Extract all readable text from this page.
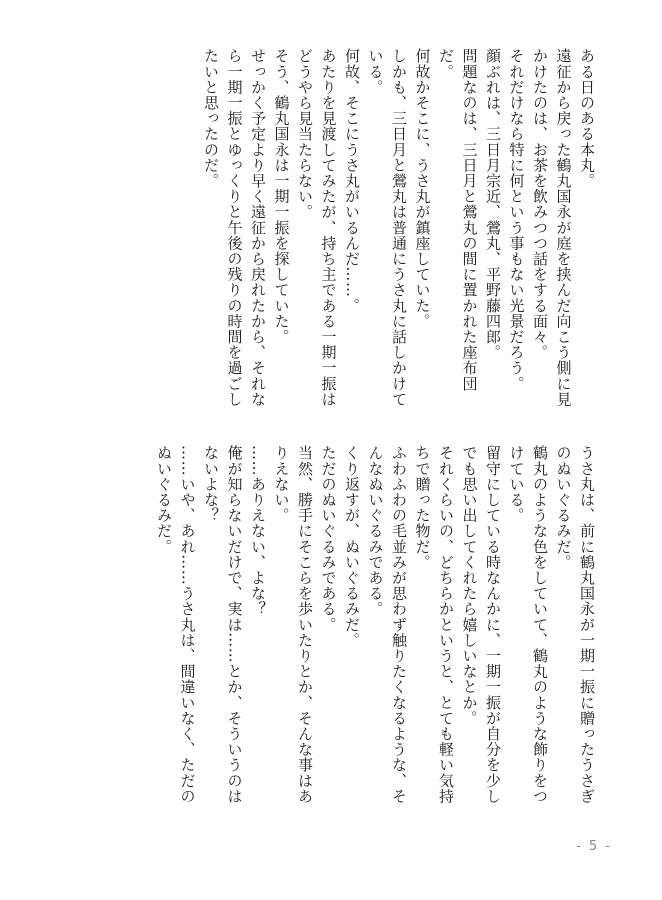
ある日のある本丸。

遠征から戻った鶴丸国永が庭を挟んだ向こう側に見かけたのは、お茶を飲みつつ話をする面々。

それだけなら特に何という事もない光景だろう。

顔ぶれは、三日月宗近、鶯丸、平野藤四郎。

問題なのは、三日月と鶯丸の間に置かれた座布団だ。

何故かそこに、うさ丸が鎮座していた。

しかも、三日月と鶯丸は普通にうさ丸に話しかけている。

何故、そこにうさ丸がいるんだ……。

あたりを見渡してみたが、持ち主である一期一振はどうやら見当たらない。

そう、鶴丸国永は一期一振を探していた。

せっかく予定より早く遠征から戻れたから、それなら一期一振とゆっくりと午後の残りの時間を過ごしたいと思ったのだ。

うさ丸は、前に鶴丸国永が一期一振に贈ったうさぎのぬいぐるみだ。

鶴丸のような色をしていて、鶴丸のような飾りをつけている。

留守にしている時なんかに、一期一振が自分を少しでも思い出してくれたら嬉しいなとか。

それくらいの、どちらかというと、とても軽い気持ちで贈った物だ。

ふわふわの毛並みが思わず触りたくなるような、そんなぬいぐるみである。

くり返すが、ぬいぐるみだ。

ただのぬいぐるみである。

当然、勝手にそこらを歩いたりとか、そんな事はありえない。

……ありえない、よな？

俺が知らないだけで、実は……とか、そういうのはないよな？

……いや、あれ……うさ丸は、間違いなく、ただのぬいぐるみだ。

- 5 -
